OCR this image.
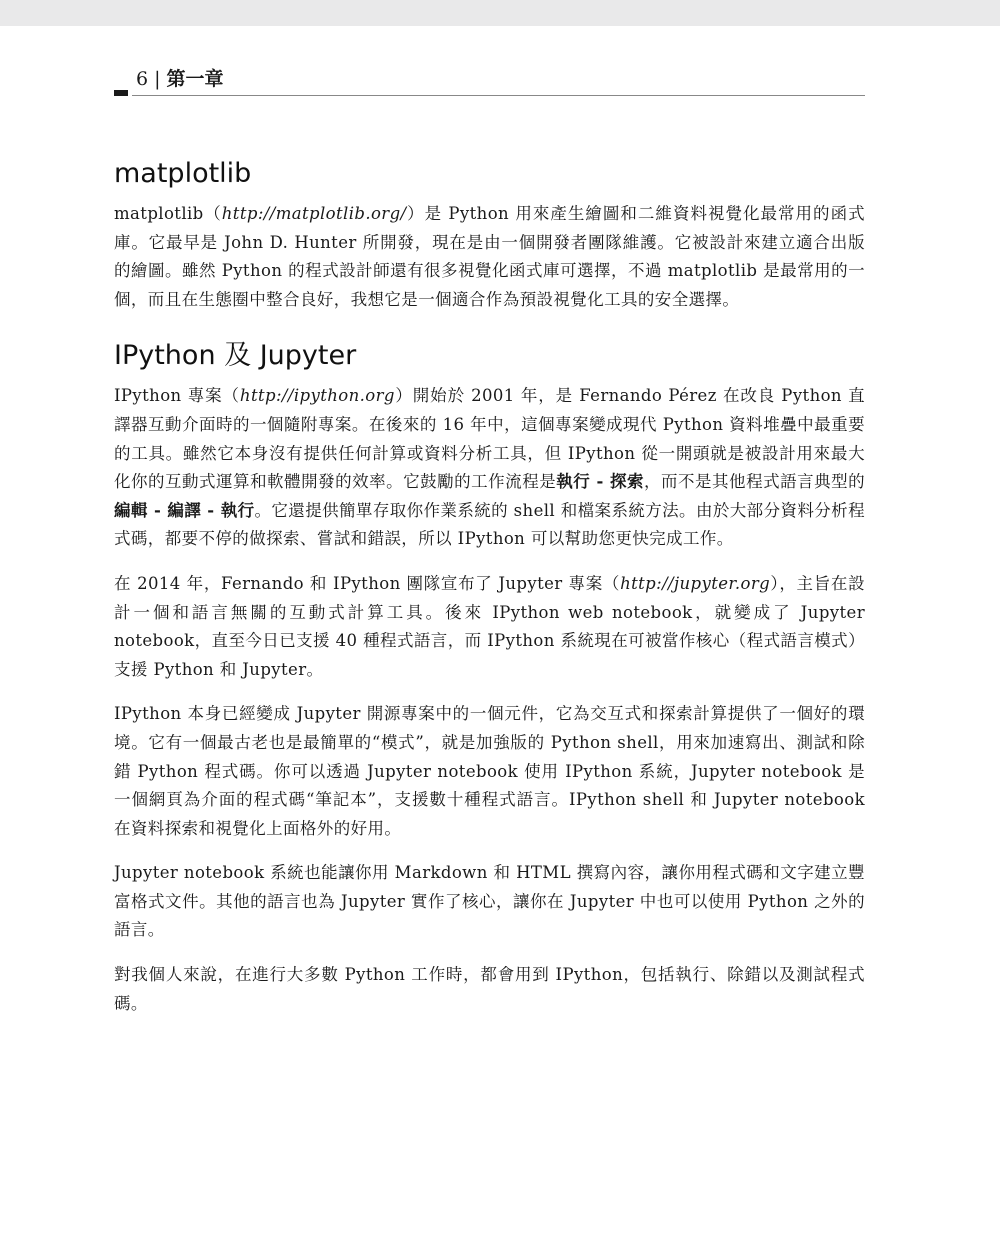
6 | 第一章
matplotlib

matplotlib（http://matplotlib.org/）是 Python 用來產生繪圖和二維資料視覺化最常用的函式庫。它最早是 John D. Hunter 所開發，現在是由一個開發者團隊維護。它被設計來建立適合出版的繪圖。雖然 Python 的程式設計師還有很多視覺化函式庫可選擇，不過 matplotlib 是最常用的一個，而且在生態圈中整合良好，我想它是一個適合作為預設視覺化工具的安全選擇。

IPython 及 Jupyter

IPython 專案（http://ipython.org）開始於 2001 年，是 Fernando Pérez 在改良 Python 直譯器互動介面時的一個隨附專案。在後來的 16 年中，這個專案變成現代 Python 資料堆疊中最重要的工具。雖然它本身沒有提供任何計算或資料分析工具，但 IPython 從一開頭就是被設計用來最大化你的互動式運算和軟體開發的效率。它鼓勵的工作流程是執行 - 探索，而不是其他程式語言典型的編輯 - 編譯 - 執行。它還提供簡單存取你作業系統的 shell 和檔案系統方法。由於大部分資料分析程式碼，都要不停的做探索、嘗試和錯誤，所以 IPython 可以幫助您更快完成工作。

在 2014 年，Fernando 和 IPython 團隊宣布了 Jupyter 專案（http://jupyter.org），主旨在設計一個和語言無關的互動式計算工具。後來 IPython web notebook，就變成了 Jupyter notebook，直至今日已支援 40 種程式語言，而 IPython 系統現在可被當作核心（程式語言模式）支援 Python 和 Jupyter。

IPython 本身已經變成 Jupyter 開源專案中的一個元件，它為交互式和探索計算提供了一個好的環境。它有一個最古老也是最簡單的“模式”，就是加強版的 Python shell，用來加速寫出、測試和除錯 Python 程式碼。你可以透過 Jupyter notebook 使用 IPython 系統，Jupyter notebook 是一個網頁為介面的程式碼“筆記本”，支援數十種程式語言。IPython shell 和 Jupyter notebook 在資料探索和視覺化上面格外的好用。

Jupyter notebook 系統也能讓你用 Markdown 和 HTML 撰寫內容，讓你用程式碼和文字建立豐富格式文件。其他的語言也為 Jupyter 實作了核心，讓你在 Jupyter 中也可以使用 Python 之外的語言。

對我個人來說，在進行大多數 Python 工作時，都會用到 IPython，包括執行、除錯以及測試程式碼。
